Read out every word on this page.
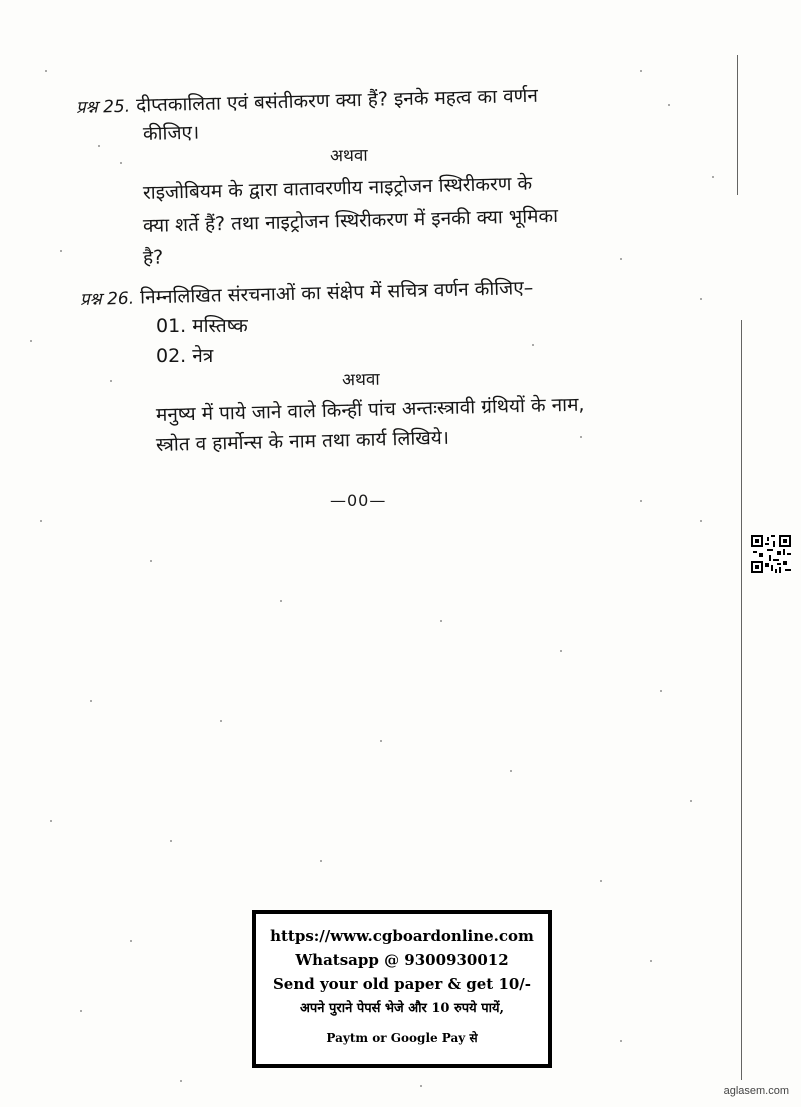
प्रश्न 25. दीप्तकालिता एवं बसंतीकरण क्या हैं? इनके महत्व का वर्णन
कीजिए।
अथवा
राइजोबियम के द्वारा वातावरणीय नाइट्रोजन स्थिरीकरण के
क्या शर्ते हैं? तथा नाइट्रोजन स्थिरीकरण में इनकी क्या भूमिका
है?
प्रश्न 26. निम्नलिखित संरचनाओं का संक्षेप में सचित्र वर्णन कीजिए–
01. मस्तिष्क
02. नेत्र
अथवा
मनुष्य में पाये जाने वाले किन्हीं पांच अन्तःस्त्रावी ग्रंथियों के नाम,
स्त्रोत व हार्मोन्स के नाम तथा कार्य लिखिये।
—00—
https://www.cgboardonline.com
Whatsapp @ 9300930012
Send your old paper & get 10/-
अपने पुराने पेपर्स भेजे और 10 रुपये पायें,
Paytm or Google Pay से
aglasem.com
